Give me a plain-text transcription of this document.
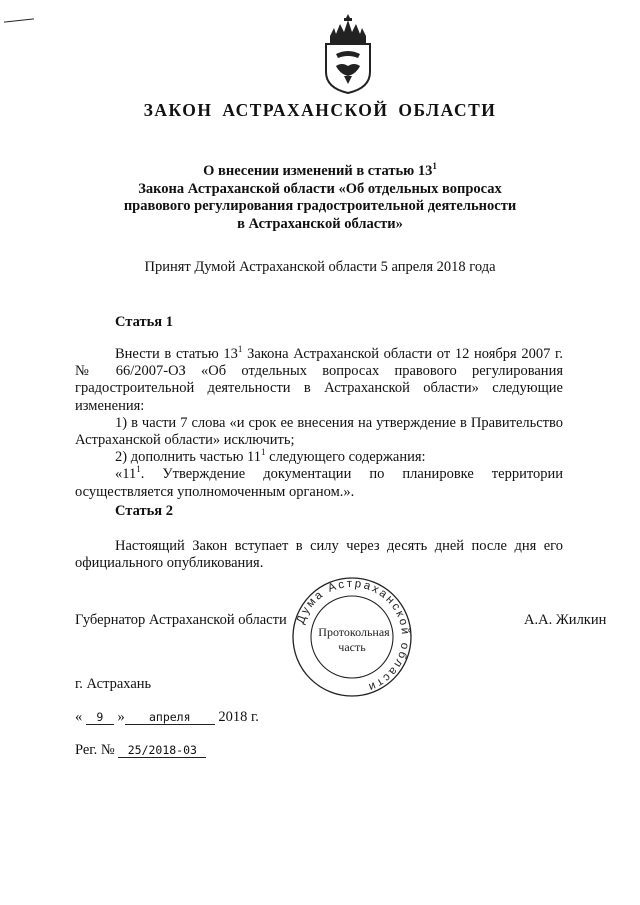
ЗАКОН АСТРАХАНСКОЙ ОБЛАСТИ
О внесении изменений в статью $13^1$
Закона Астраханской области «Об отдельных вопросах
правового регулирования градостроительной деятельности
в Астраханской области»
Принят Думой Астраханской области 5 апреля 2018 года
Статья 1

Внести в статью $13^1$ Закона Астраханской области от 12 ноября 2007 г. № 66/2007-ОЗ «Об отдельных вопросах правового регулирования градостроительной деятельности в Астраханской области» следующие изменения:

1) в части 7 слова «и срок ее внесения на утверждение в Правительство Астраханской области» исключить;

2) дополнить частью $11^1$ следующего содержания:

«$11^1$. Утверждение документации по планировке территории осуществляется уполномоченным органом.».

Статья 2

Настоящий Закон вступает в силу через десять дней после дня его официального опубликования.

Губернатор Астраханской области	А.А. Жилкин
Дума Астраханской области
Протокольная
часть
г. Астрахань
« 9 » апреля 2018 г.
Рег. № 25/2018-03
